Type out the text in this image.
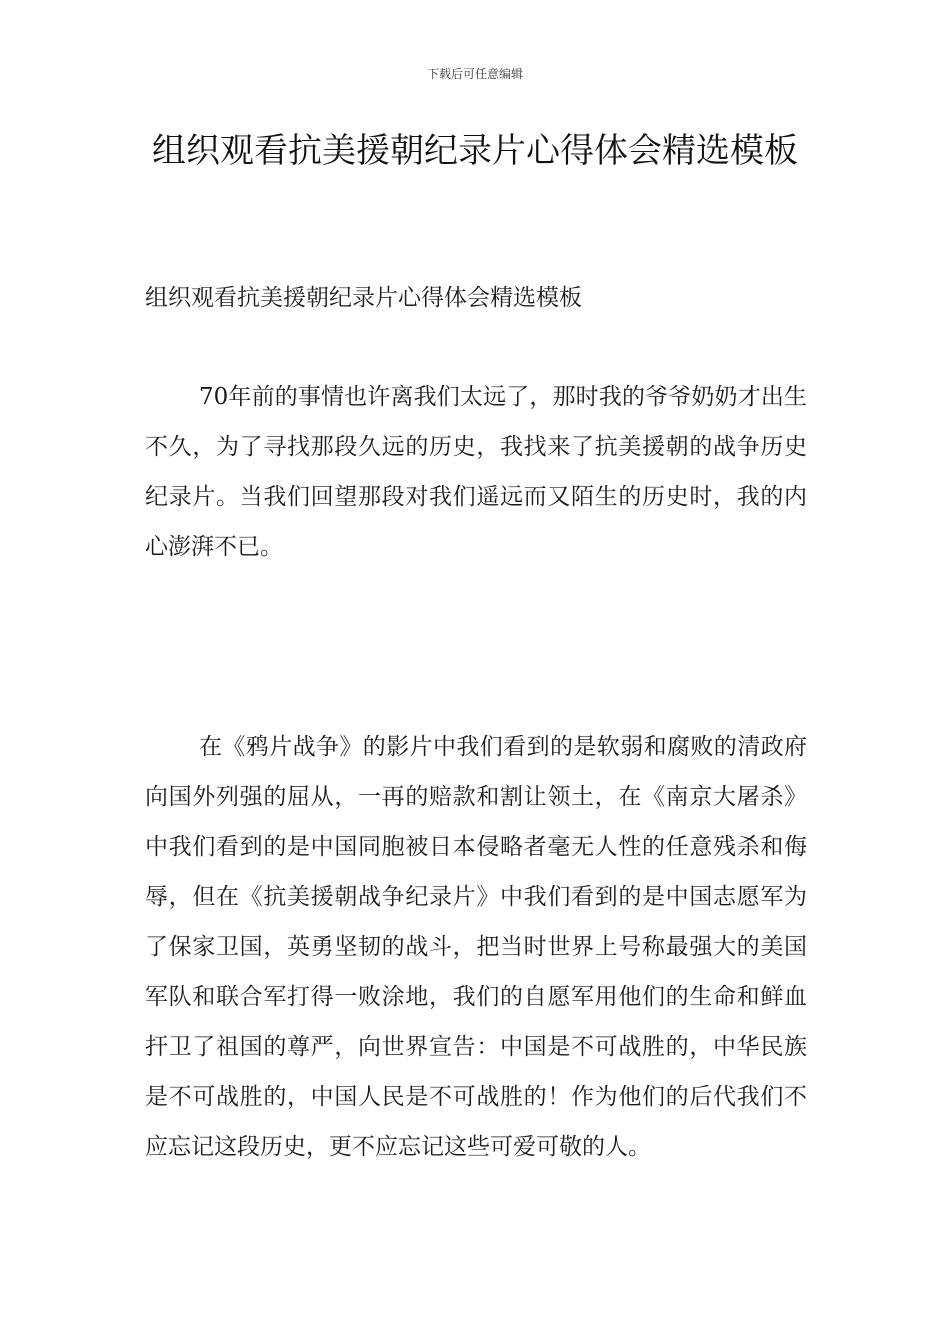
下载后可任意编辑
组织观看抗美援朝纪录片心得体会精选模板

组织观看抗美援朝纪录片心得体会精选模板

70年前的事情也许离我们太远了，那时我的爷爷奶奶才出生不久，为了寻找那段久远的历史，我找来了抗美援朝的战争历史纪录片。当我们回望那段对我们遥远而又陌生的历史时，我的内心澎湃不已。

在《鸦片战争》的影片中我们看到的是软弱和腐败的清政府向国外列强的屈从，一再的赔款和割让领土，在《南京大屠杀》中我们看到的是中国同胞被日本侵略者毫无人性的任意残杀和侮辱，但在《抗美援朝战争纪录片》中我们看到的是中国志愿军为了保家卫国，英勇坚韧的战斗，把当时世界上号称最强大的美国军队和联合军打得一败涂地，我们的自愿军用他们的生命和鲜血扞卫了祖国的尊严，向世界宣告：中国是不可战胜的，中华民族是不可战胜的，中国人民是不可战胜的！作为他们的后代我们不应忘记这段历史，更不应忘记这些可爱可敬的人。
